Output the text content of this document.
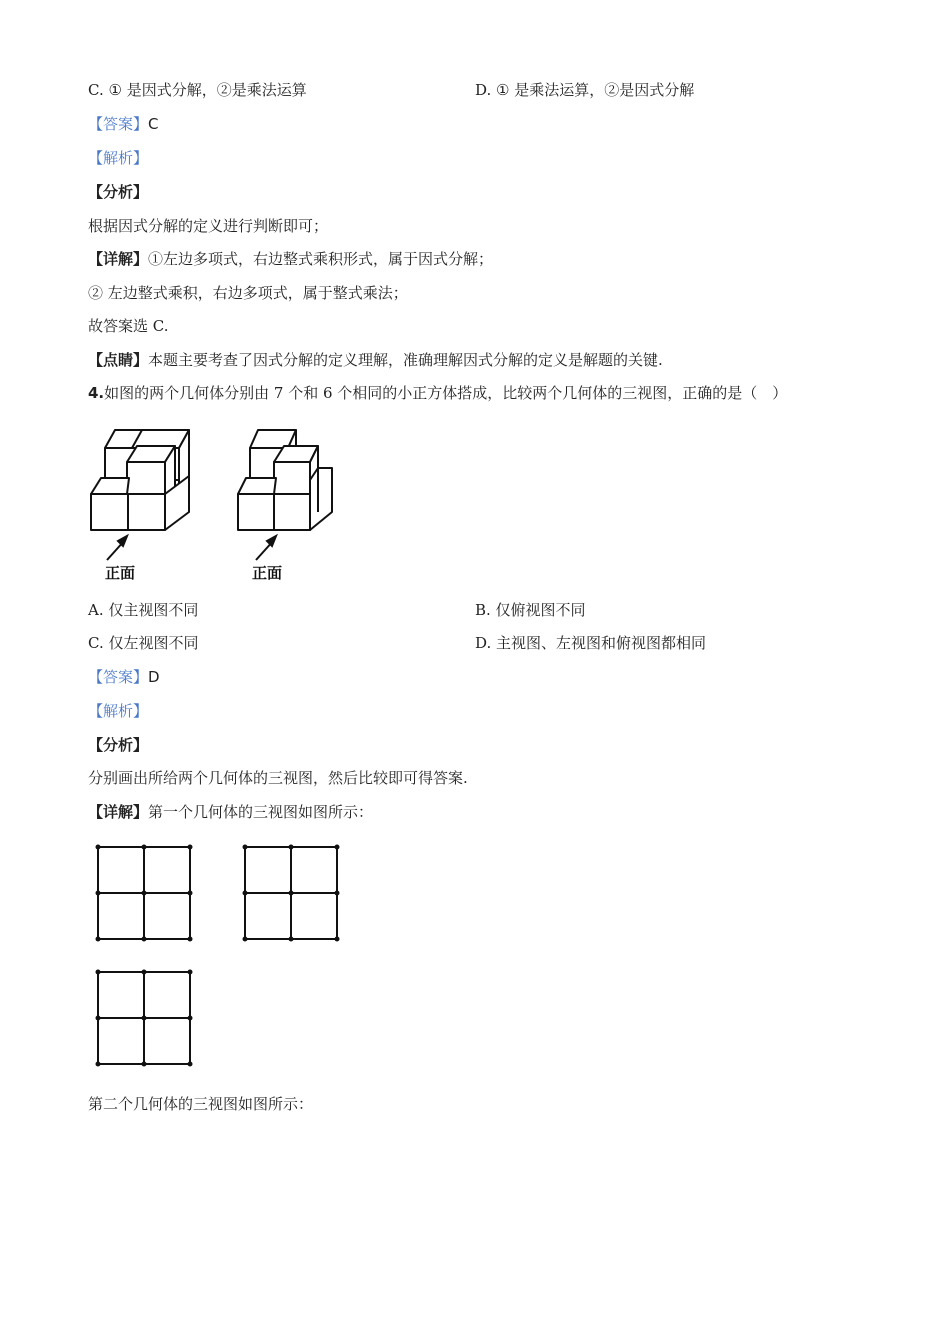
C. ① 是因式分解，②是乘法运算	D. ① 是乘法运算，②是因式分解
【答案】C
【解析】
【分析】
根据因式分解的定义进行判断即可；
【详解】①左边多项式，右边整式乘积形式，属于因式分解；
② 左边整式乘积，右边多项式，属于整式乘法；
故答案选 C.
【点睛】本题主要考查了因式分解的定义理解，准确理解因式分解的定义是解题的关键.
4.如图的两个几何体分别由 7 个和 6 个相同的小正方体搭成，比较两个几何体的三视图，正确的是（　）
正面	正面
A. 仅主视图不同	B. 仅俯视图不同
C. 仅左视图不同	D. 主视图、左视图和俯视图都相同
【答案】D
【解析】
【分析】
分别画出所给两个几何体的三视图，然后比较即可得答案.
【详解】第一个几何体的三视图如图所示：
第二个几何体的三视图如图所示：
